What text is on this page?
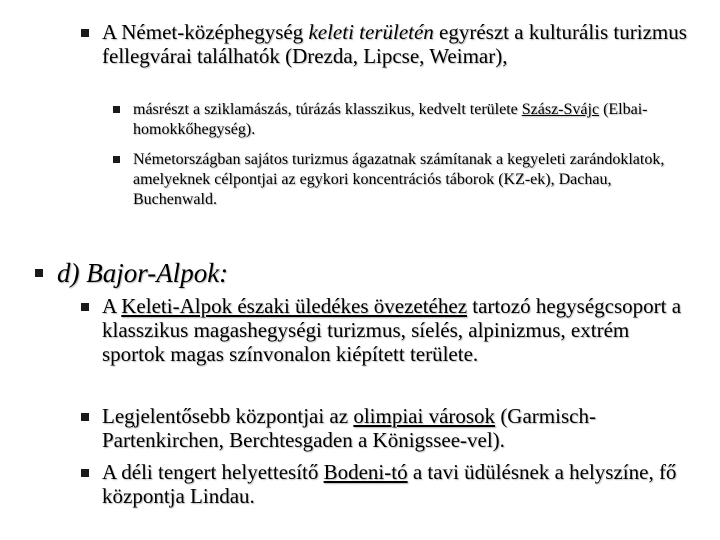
A Német-középhegység keleti területén egyrészt a kulturális turizmus fellegvárai találhatók (Drezda, Lipcse, Weimar),
másrészt a sziklamászás, túrázás klasszikus, kedvelt területe Szász-Svájc (Elbai-homokkőhegység).
Németországban sajátos turizmus ágazatnak számítanak a kegyeleti zarándoklatok, amelyeknek célpontjai az egykori koncentrációs táborok (KZ-ek), Dachau, Buchenwald.
d) Bajor-Alpok:
A Keleti-Alpok északi üledékes övezetéhez tartozó hegységcsoport a klasszikus magashegységi turizmus, síelés, alpinizmus, extrém sportok magas színvonalon kiépített területe.
Legjelentősebb központjai az olimpiai városok (Garmisch-Partenkirchen, Berchtesgaden a Königssee-vel).
A déli tengert helyettesítő Bodeni-tó a tavi üdülésnek a helyszíne, fő központja Lindau.
